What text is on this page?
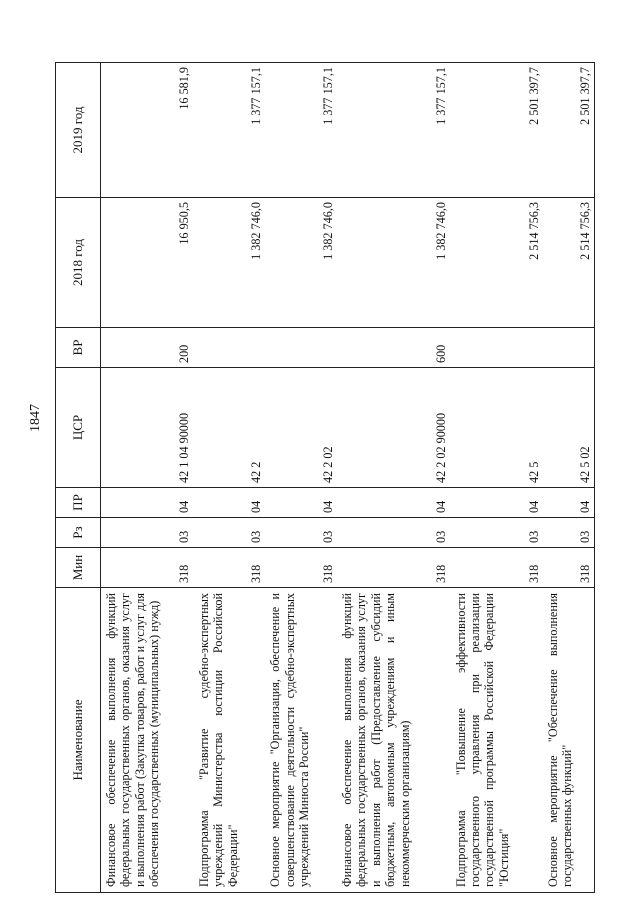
1847
Наименование	Мин	Рз	ПР	ЦСР	ВР	2018 год	2019 год
Финансовое обеспечение выполнения функций федеральных государственных органов, оказания услуг и выполнения работ (Закупка товаров, работ и услуг для обеспечения государственных (муниципальных) нужд)	318	03	04	42 1 04 90000	200	16 950,5	16 581,9
Подпрограмма "Развитие судебно-экспертных учреждений Министерства юстиции Российской Федерации"	318	03	04	42 2		1 382 746,0	1 377 157,1
Основное мероприятие "Организация, обеспечение и совершенствование деятельности судебно-экспертных учреждений Минюста России"	318	03	04	42 2 02		1 382 746,0	1 377 157,1
Финансовое обеспечение выполнения функций федеральных государственных органов, оказания услуг и выполнения работ (Предоставление субсидий бюджетным, автономным учреждениям и иным некоммерческим организациям)	318	03	04	42 2 02 90000	600	1 382 746,0	1 377 157,1
Подпрограмма "Повышение эффективности государственного управления при реализации государственной программы Российской Федерации "Юстиция"	318	03	04	42 5		2 514 756,3	2 501 397,7
Основное мероприятие "Обеспечение выполнения государственных функций"	318	03	04	42 5 02		2 514 756,3	2 501 397,7
